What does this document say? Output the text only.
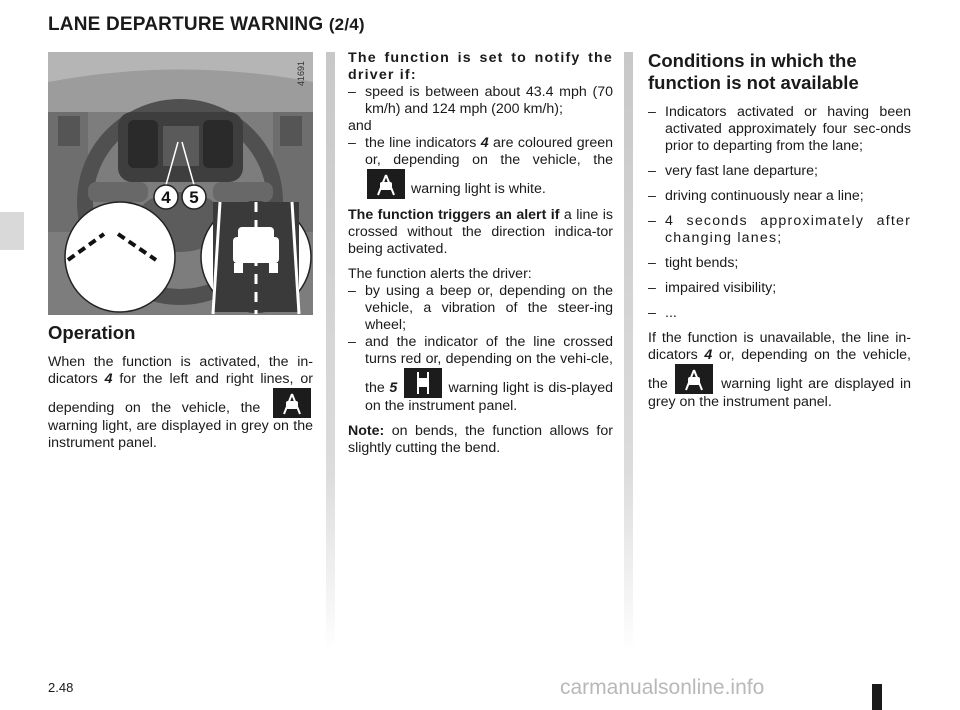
LANE DEPARTURE WARNING (2/4)
4 5
41691
Operation

When the function is activated, the in-dicators 4 for the left and right lines, or depending on the vehicle, the
warning light, are displayed in grey on the instrument panel.

The function is set to notify the driver if:

– speed is between about 43.4 mph (70 km/h) and 124 mph (200 km/h);

and

– the line indicators 4 are coloured green or, depending on the vehicle, the
warning light is white.

The function triggers an alert if a line is crossed without the direction indica-tor being activated.

The function alerts the driver:

– by using a beep or, depending on the vehicle, a vibration of the steer-ing wheel;

– and the indicator of the line crossed turns red or, depending on the vehi-cle, the 5	warning light is dis-played on the instrument panel.

Note: on bends, the function allows for slightly cutting the bend.

Conditions in which the function is not available

– Indicators activated or having been activated approximately four sec-onds prior to departing from the lane;

– very fast lane departure;

– driving continuously near a line;

– 4 seconds approximately after changing lanes;

– tight bends;

– impaired visibility;

– ...

If the function is unavailable, the line in-dicators 4 or, depending on the vehicle, the	warning light are displayed in grey on the instrument panel.

2.48	carmanualsonline.info
